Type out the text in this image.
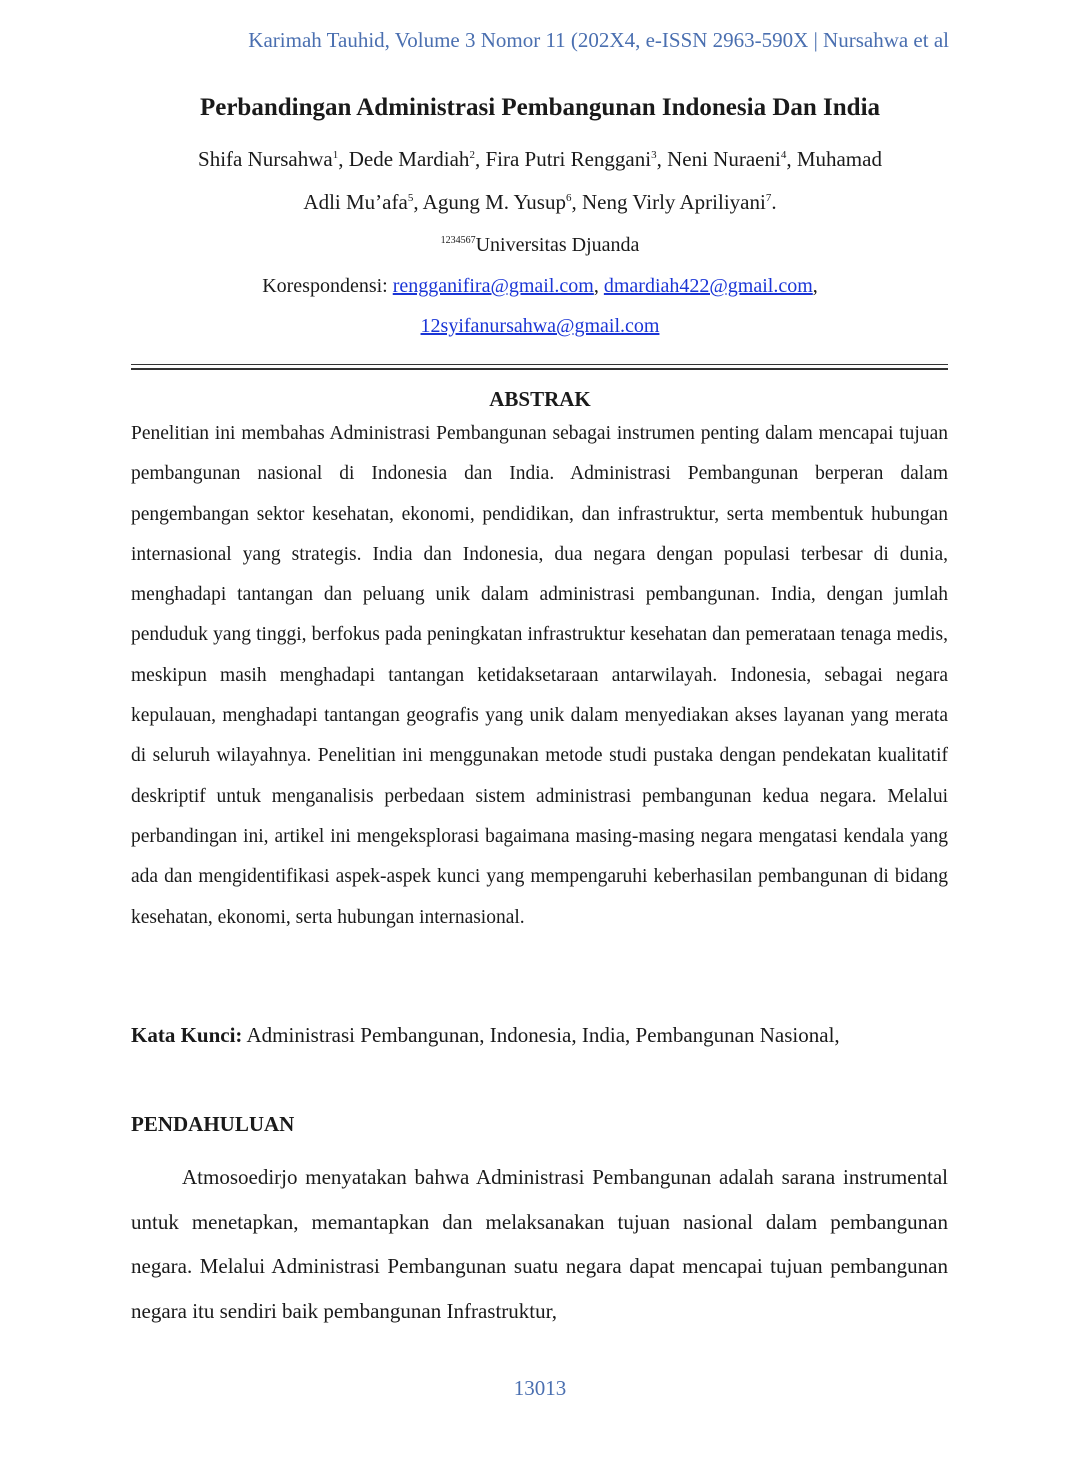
Karimah Tauhid, Volume 3 Nomor 11 (202X4, e-ISSN 2963-590X | Nursahwa et al
Perbandingan Administrasi Pembangunan Indonesia Dan India
Shifa Nursahwa$^1$, Dede Mardiah$^2$, Fira Putri Renggani$^3$, Neni Nuraeni$^4$, Muhamad
Adli Mu’afa$^5$, Agung M. Yusup$^6$, Neng Virly Apriliyani$^7$.
$^{1234567}$Universitas Djuanda
Korespondensi: rengganifira@gmail.com, dmardiah422@gmail.com,
12syifanursahwa@gmail.com
ABSTRAK

Penelitian ini membahas Administrasi Pembangunan sebagai instrumen penting dalam mencapai tujuan pembangunan nasional di Indonesia dan India. Administrasi Pembangunan berperan dalam pengembangan sektor kesehatan, ekonomi, pendidikan, dan infrastruktur, serta membentuk hubungan internasional yang strategis. India dan Indonesia, dua negara dengan populasi terbesar di dunia, menghadapi tantangan dan peluang unik dalam administrasi pembangunan. India, dengan jumlah penduduk yang tinggi, berfokus pada peningkatan infrastruktur kesehatan dan pemerataan tenaga medis, meskipun masih menghadapi tantangan ketidaksetaraan antarwilayah. Indonesia, sebagai negara kepulauan, menghadapi tantangan geografis yang unik dalam menyediakan akses layanan yang merata di seluruh wilayahnya. Penelitian ini menggunakan metode studi pustaka dengan pendekatan kualitatif deskriptif untuk menganalisis perbedaan sistem administrasi pembangunan kedua negara. Melalui perbandingan ini, artikel ini mengeksplorasi bagaimana masing-masing negara mengatasi kendala yang ada dan mengidentifikasi aspek-aspek kunci yang mempengaruhi keberhasilan pembangunan di bidang kesehatan, ekonomi, serta hubungan internasional.

Kata Kunci: Administrasi Pembangunan, Indonesia, India, Pembangunan Nasional,
PENDAHULUAN

Atmosoedirjo menyatakan bahwa Administrasi Pembangunan adalah sarana instrumental untuk menetapkan, memantapkan dan melaksanakan tujuan nasional dalam pembangunan negara. Melalui Administrasi Pembangunan suatu negara dapat mencapai tujuan pembangunan negara itu sendiri baik pembangunan Infrastruktur,

13013
